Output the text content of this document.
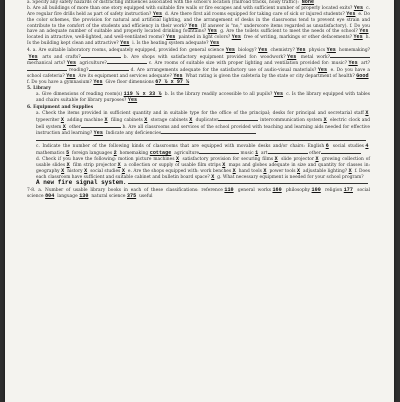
a. Specify any safety hazards or distracting influences associated with the school's location (railroad tracks, noisy traffic): None

b. Are all buildings of more than one story equipped with suitable fire walls or fire escapes and with sufficient number of properly located exits? Yes c. Are regular fire drills held as part of safety instruction? Yes d. Are there first aid rooms equipped for taking care of sick or injured students? Yes e. Do the color schemes, the provision for natural and artificial lighting, and the arrangement of desks in the classrooms tend to prevent eye strain and contribute to the comfort of the students and efficiency in their work? Yes (If answer is "no," underscore items regarded as unsatisfactory). f. Do you have an adequate number of suitable and properly located drinking fountains? Yes g. Are the toilets sufficient to meet the needs of the school? Yes located in attractive, well-lighted, and well-ventilated rooms? Yes painted in light colors? Yes free of writing, markings or other defacements? Yes h. Is the building kept clean and attractive? Yes i. Is the heating system adequate? Yes

4. a. Are suitable laboratory rooms, adequately equipped, provided for: general science Yes biology? Yes chemistry? Yes physics Yes homemaking?Yes arts and crafts?	b. Are shops with satisfactory equipment provided for: woodwork? Yes metal work? mechanical arts? Yes agriculture?	c. Are rooms of suitable size with proper lighting and ventilation provided for: music? Yes art? reading?	d. Are arrangements adequate for the satisfactory use of audio-visual materials? Yes e. Do you have a school cafeteria? Yes Are its equipment and services adequate? Yes What rating is given the cafeteria by the state or city department of health? Good f. Do you have a gymnasium? Yes Give floor dimensions 67 ½ x 97 ½

5. Library

a. Give dimensions of reading room(s) 119 ½ x 33 ½ b. Is the library readily accessible to all pupils? Yes c. Is the library equipped with tables and chairs suitable for library purposes? Yes

6. Equipment and Supplies

a. Check the items provided in sufficient quantity and in suitable type for the office of the principal; desks for principal and secretarial staff X typewriter X adding machine X filing cabinets X storage cabinets X duplicator	intercommunication system X electric clock and bell system X other	b. Are all classrooms and services of the school provided with teaching and learning aids needed for effective instruction and learning? Yes Indicate any deficiencies

c. Indicate the number of the following kinds of classrooms that are equipped with movable desks and/or chairs: English 6 social studies 4 mathematics 5 foreign languages 2 homemaking cottage agriculture	music 1 art	other

d. Check if you have the following: motion picture machines X satisfactory provision for securing films X slide projector X growing collection of usable slides X film strip projector X a collection or supply of usable film strips X maps and globes adequate in size and quantity for classes in: geography X history X social studies X e. Are the shops equipped with: work benches X hand tools X power tools X adjustable lighting? X f. Does each classroom have sufficient and suitable cabinet and bulletin board space? X g. What necessary equipment is needed for your school program?
A new fire signal system.

7-8. a. Number of usable library books in each of these classifications: reference 110 general works 160 philosophy 100 religion 177 social science 804 language 130 natural science 375 useful
